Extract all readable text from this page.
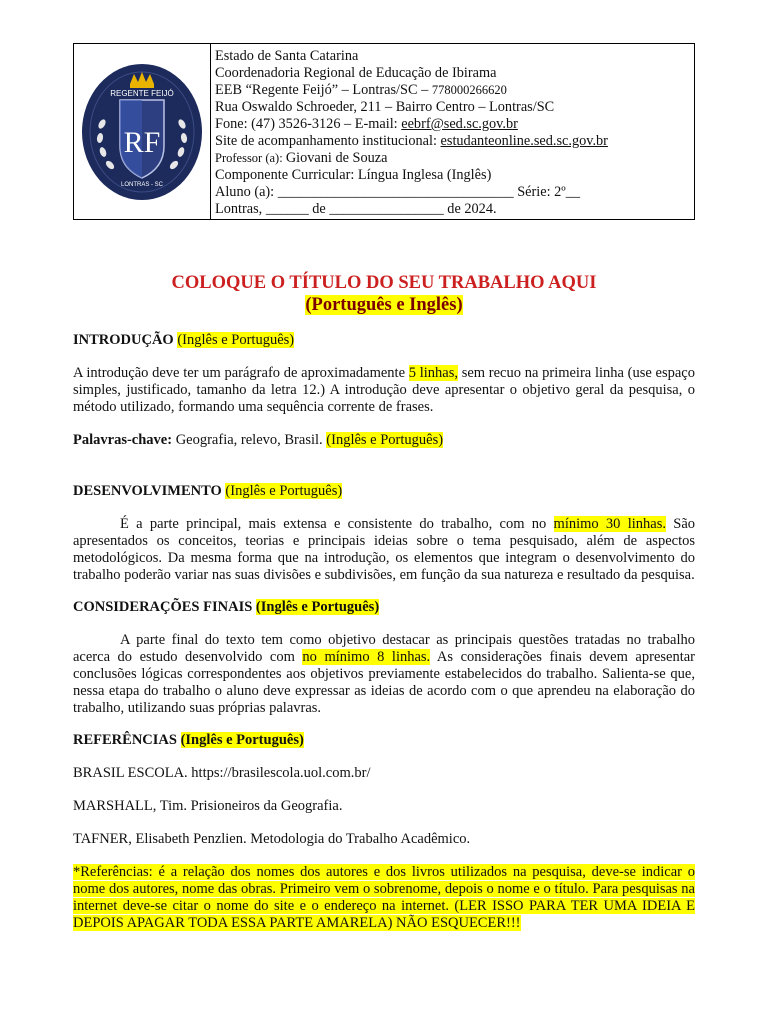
RF
REGENTE FEIJÓ
LONTRAS - SC
Estado de Santa Catarina
Coordenadoria Regional de Educação de Ibirama
EEB “Regente Feijó” – Lontras/SC – 778000266620
Rua Oswaldo Schroeder, 211 – Bairro Centro – Lontras/SC
Fone: (47) 3526-3126 – E-mail: eebrf@sed.sc.gov.br
Site de acompanhamento institucional: estudanteonline.sed.sc.gov.br
Professor (a): Giovani de Souza
Componente Curricular: Língua Inglesa (Inglês)
Aluno (a): _________________________________ Série: 2º__
Lontras, ______ de ________________ de 2024.
COLOQUE O TÍTULO DO SEU TRABALHO AQUI
(Português e Inglês)
INTRODUÇÃO (Inglês e Português)

A introdução deve ter um parágrafo de aproximadamente 5 linhas, sem recuo na primeira linha (use espaço simples, justificado, tamanho da letra 12.) A introdução deve apresentar o objetivo geral da pesquisa, o método utilizado, formando uma sequência corrente de frases.

Palavras-chave: Geografia, relevo, Brasil. (Inglês e Português)

DESENVOLVIMENTO (Inglês e Português)

É a parte principal, mais extensa e consistente do trabalho, com no mínimo 30 linhas. São apresentados os conceitos, teorias e principais ideias sobre o tema pesquisado, além de aspectos metodológicos. Da mesma forma que na introdução, os elementos que integram o desenvolvimento do trabalho poderão variar nas suas divisões e subdivisões, em função da sua natureza e resultado da pesquisa.

CONSIDERAÇÕES FINAIS (Inglês e Português)

A parte final do texto tem como objetivo destacar as principais questões tratadas no trabalho acerca do estudo desenvolvido com no mínimo 8 linhas. As considerações finais devem apresentar conclusões lógicas correspondentes aos objetivos previamente estabelecidos do trabalho. Salienta-se que, nessa etapa do trabalho o aluno deve expressar as ideias de acordo com o que aprendeu na elaboração do trabalho, utilizando suas próprias palavras.

REFERÊNCIAS (Inglês e Português)

BRASIL ESCOLA. https://brasilescola.uol.com.br/

MARSHALL, Tim. Prisioneiros da Geografia.

TAFNER, Elisabeth Penzlien. Metodologia do Trabalho Acadêmico.

*Referências: é a relação dos nomes dos autores e dos livros utilizados na pesquisa, deve-se indicar o nome dos autores, nome das obras. Primeiro vem o sobrenome, depois o nome e o título. Para pesquisas na internet deve-se citar o nome do site e o endereço na internet. (LER ISSO PARA TER UMA IDEIA E DEPOIS APAGAR TODA ESSA PARTE AMARELA) NÃO ESQUECER!!!
